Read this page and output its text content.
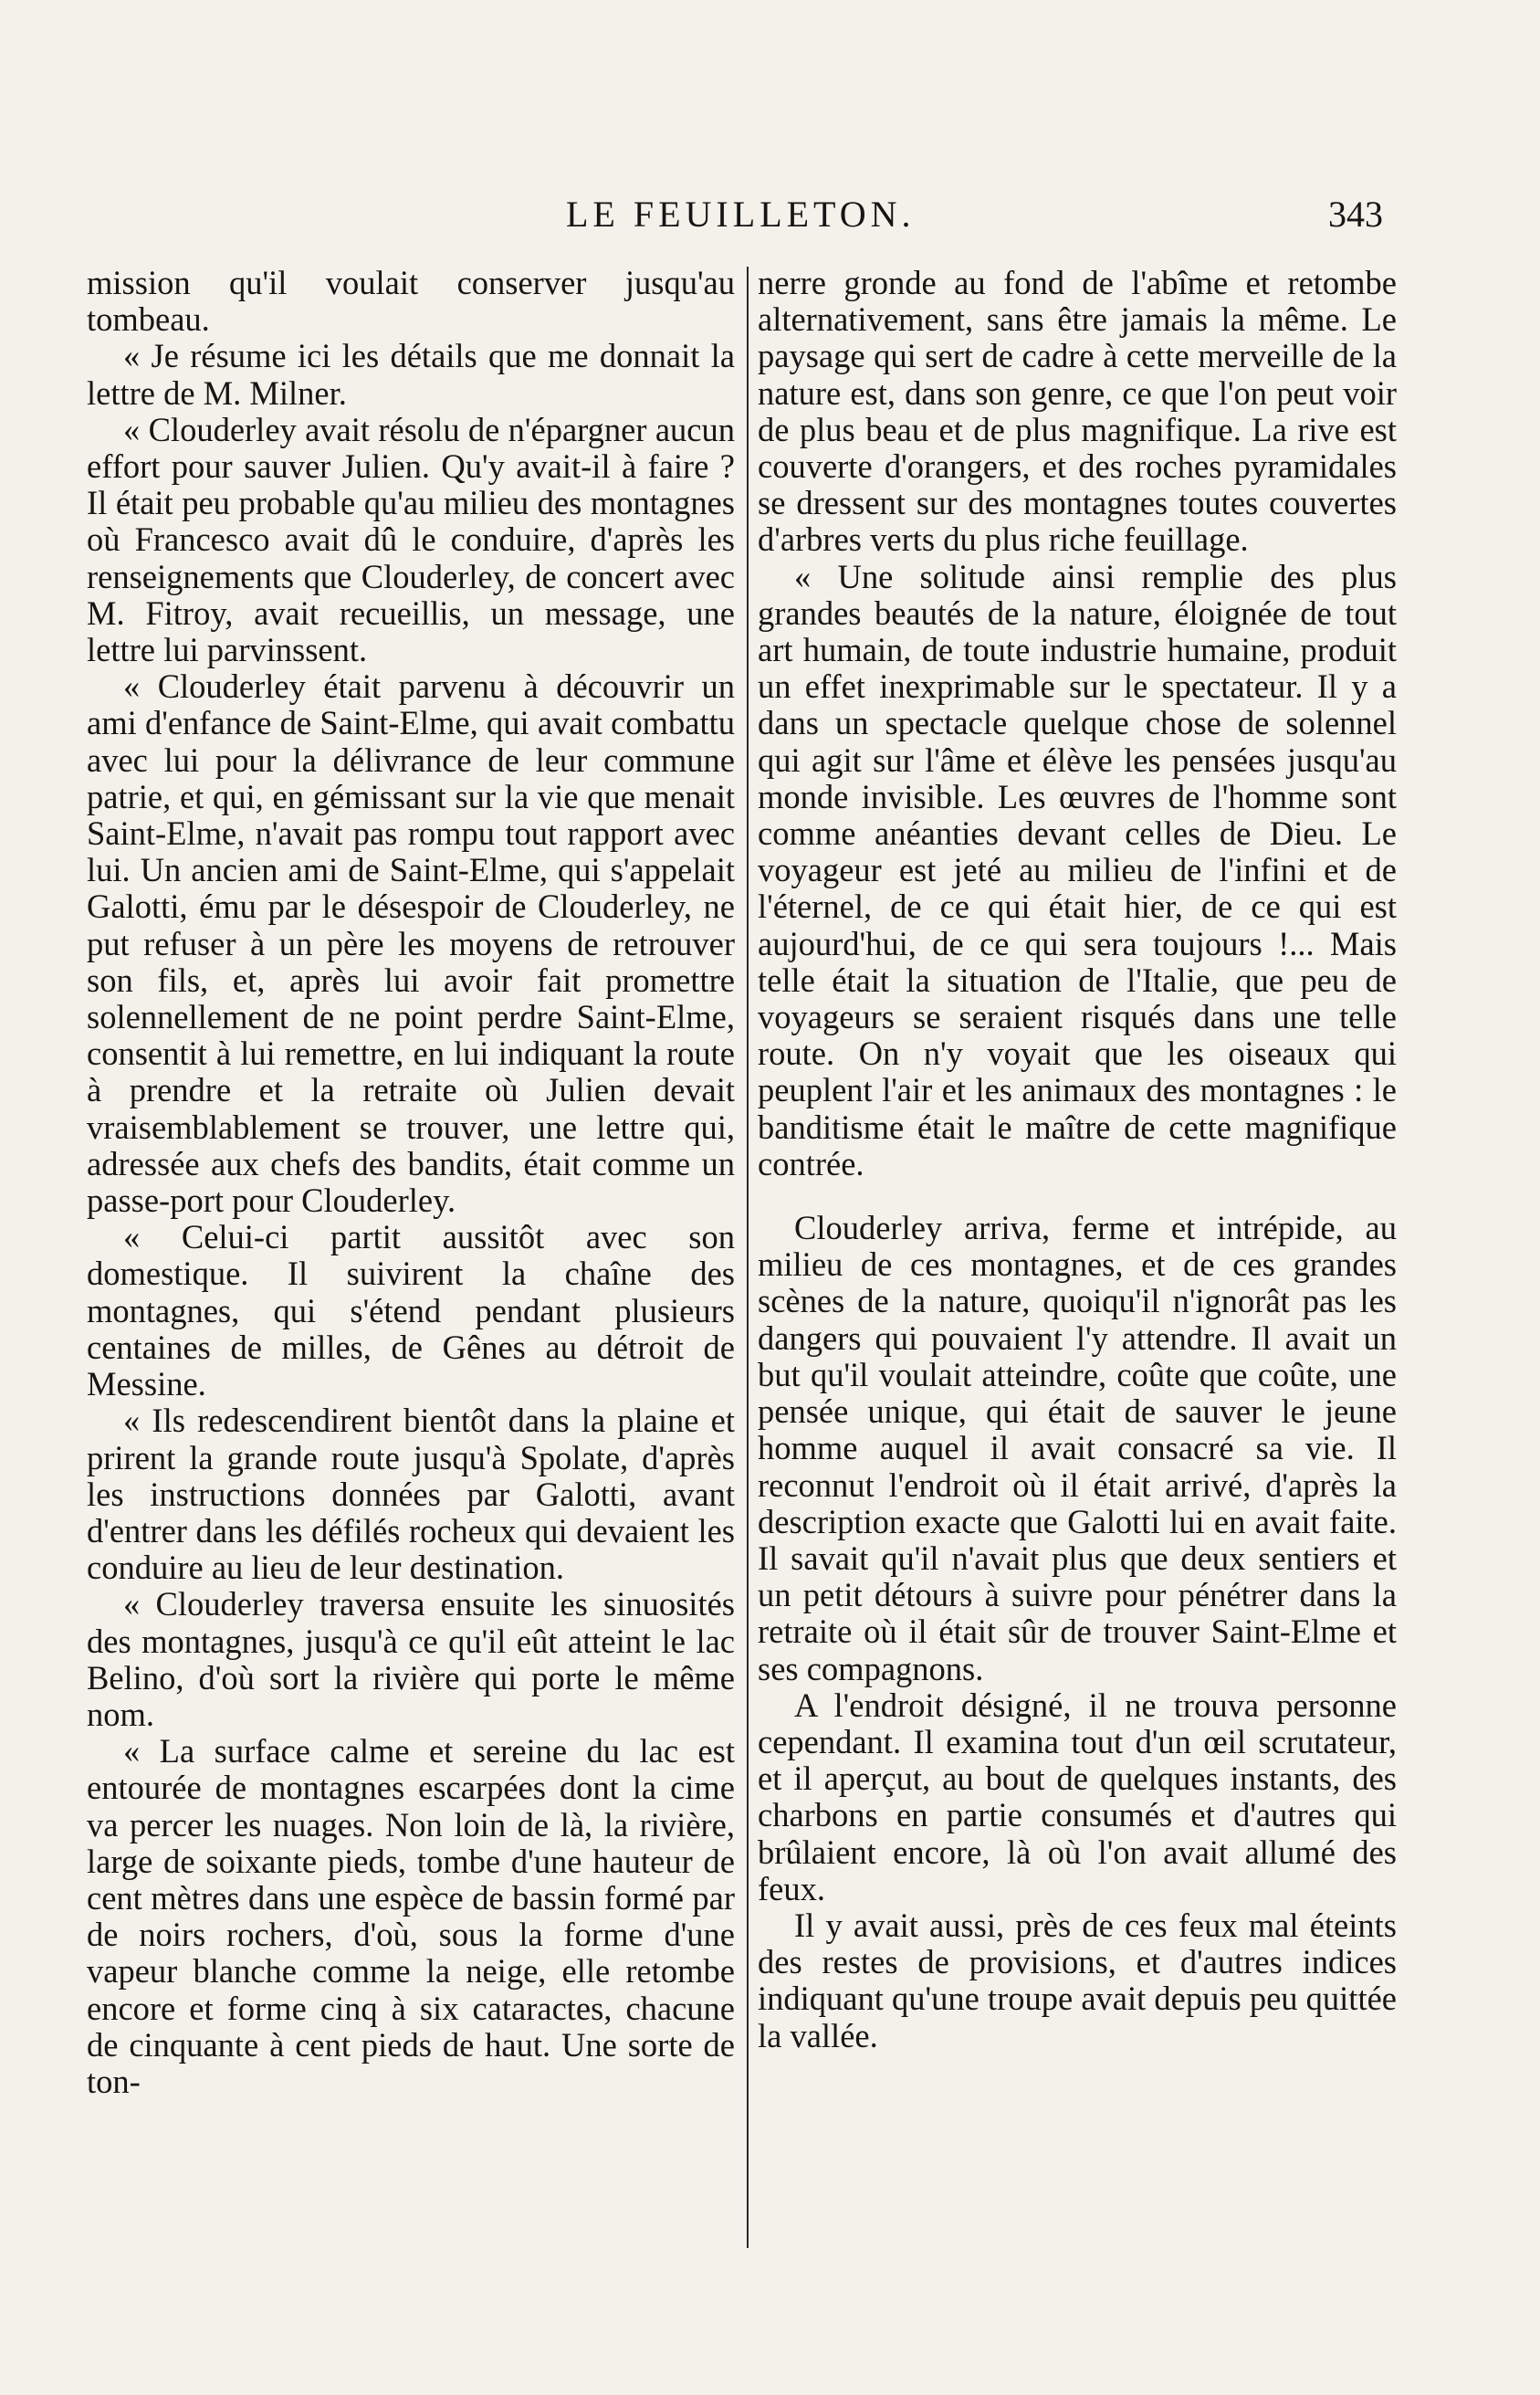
LE FEUILLETON.	343

mission qu'il voulait conserver jusqu'au tombeau.

« Je résume ici les détails que me donnait la lettre de M. Milner.

« Clouderley avait résolu de n'épargner aucun effort pour sauver Julien. Qu'y avait-il à faire ? Il était peu probable qu'au milieu des montagnes où Francesco avait dû le conduire, d'après les renseignements que Clouderley, de concert avec M. Fitroy, avait recueillis, un message, une lettre lui parvinssent.

« Clouderley était parvenu à découvrir un ami d'enfance de Saint-Elme, qui avait combattu avec lui pour la délivrance de leur commune patrie, et qui, en gémissant sur la vie que menait Saint-Elme, n'avait pas rompu tout rapport avec lui. Un ancien ami de Saint-Elme, qui s'appelait Galotti, ému par le désespoir de Clouderley, ne put refuser à un père les moyens de retrouver son fils, et, après lui avoir fait promettre solennellement de ne point perdre Saint-Elme, consentit à lui remettre, en lui indiquant la route à prendre et la retraite où Julien devait vraisemblablement se trouver, une lettre qui, adressée aux chefs des bandits, était comme un passe-port pour Clouderley.

« Celui-ci partit aussitôt avec son domestique. Il suivirent la chaîne des montagnes, qui s'étend pendant plusieurs centaines de milles, de Gênes au détroit de Messine.

« Ils redescendirent bientôt dans la plaine et prirent la grande route jusqu'à Spolate, d'après les instructions données par Galotti, avant d'entrer dans les défilés rocheux qui devaient les conduire au lieu de leur destination.

« Clouderley traversa ensuite les sinuosités des montagnes, jusqu'à ce qu'il eût atteint le lac Belino, d'où sort la rivière qui porte le même nom.

« La surface calme et sereine du lac est entourée de montagnes escarpées dont la cime va percer les nuages. Non loin de là, la rivière, large de soixante pieds, tombe d'une hauteur de cent mètres dans une espèce de bassin formé par de noirs rochers, d'où, sous la forme d'une vapeur blanche comme la neige, elle retombe encore et forme cinq à six cataractes, chacune de cinquante à cent pieds de haut. Une sorte de ton-

nerre gronde au fond de l'abîme et retombe alternativement, sans être jamais la même. Le paysage qui sert de cadre à cette merveille de la nature est, dans son genre, ce que l'on peut voir de plus beau et de plus magnifique. La rive est couverte d'orangers, et des roches pyramidales se dressent sur des montagnes toutes couvertes d'arbres verts du plus riche feuillage.

« Une solitude ainsi remplie des plus grandes beautés de la nature, éloignée de tout art humain, de toute industrie humaine, produit un effet inexprimable sur le spectateur. Il y a dans un spectacle quelque chose de solennel qui agit sur l'âme et élève les pensées jusqu'au monde invisible. Les œuvres de l'homme sont comme anéanties devant celles de Dieu. Le voyageur est jeté au milieu de l'infini et de l'éternel, de ce qui était hier, de ce qui est aujourd'hui, de ce qui sera toujours !... Mais telle était la situation de l'Italie, que peu de voyageurs se seraient risqués dans une telle route. On n'y voyait que les oiseaux qui peuplent l'air et les animaux des montagnes : le banditisme était le maître de cette magnifique contrée.

Clouderley arriva, ferme et intrépide, au milieu de ces montagnes, et de ces grandes scènes de la nature, quoiqu'il n'ignorât pas les dangers qui pouvaient l'y attendre. Il avait un but qu'il voulait atteindre, coûte que coûte, une pensée unique, qui était de sauver le jeune homme auquel il avait consacré sa vie. Il reconnut l'endroit où il était arrivé, d'après la description exacte que Galotti lui en avait faite. Il savait qu'il n'avait plus que deux sentiers et un petit détours à suivre pour pénétrer dans la retraite où il était sûr de trouver Saint-Elme et ses compagnons.

A l'endroit désigné, il ne trouva personne cependant. Il examina tout d'un œil scrutateur, et il aperçut, au bout de quelques instants, des charbons en partie consumés et d'autres qui brûlaient encore, là où l'on avait allumé des feux.

Il y avait aussi, près de ces feux mal éteints des restes de provisions, et d'autres indices indiquant qu'une troupe avait depuis peu quittée la vallée.
